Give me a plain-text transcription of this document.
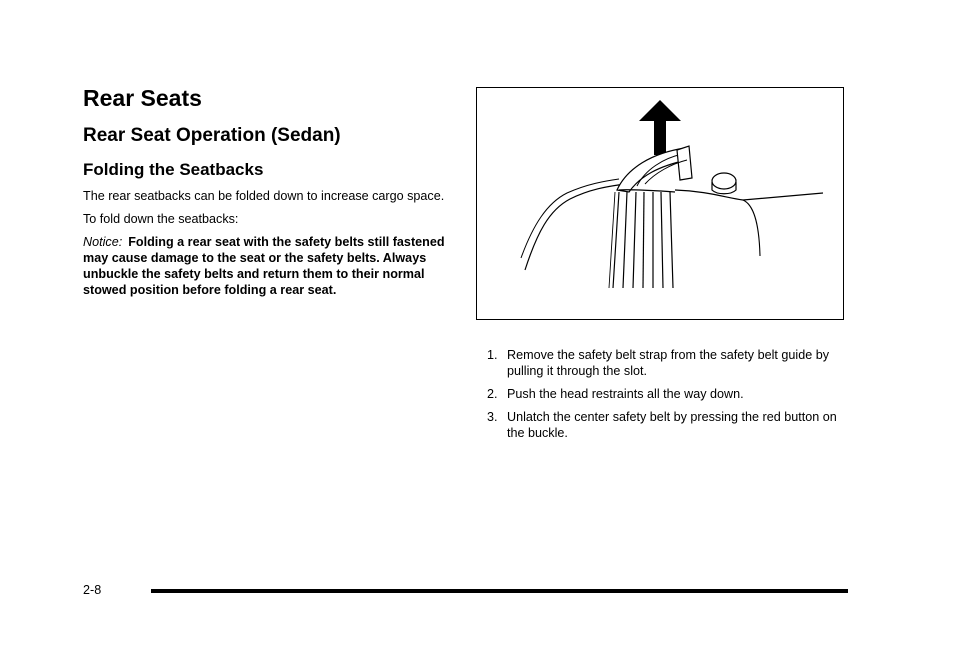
Rear Seats
Rear Seat Operation (Sedan)
Folding the Seatbacks

The rear seatbacks can be folded down to increase cargo space.

To fold down the seatbacks:

Notice: Folding a rear seat with the safety belts still fastened may cause damage to the seat or the safety belts. Always unbuckle the safety belts and return them to their normal stowed position before folding a rear seat.

1. Remove the safety belt strap from the safety belt guide by pulling it through the slot.
2. Push the head restraints all the way down.
3. Unlatch the center safety belt by pressing the red button on the buckle.
2-8
